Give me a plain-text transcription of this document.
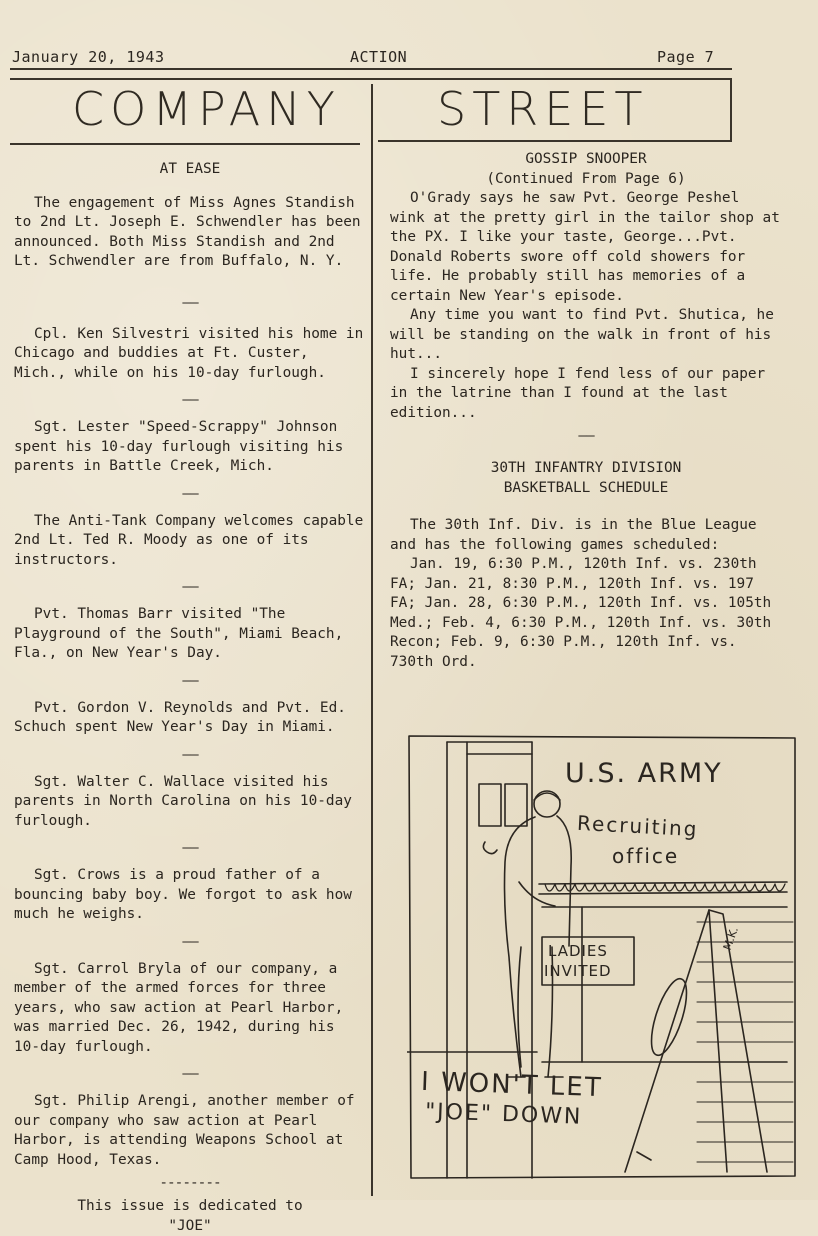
January 20, 1943	ACTION	Page 7
COMPANY STREET

AT EASE

The engagement of Miss Agnes Standish to 2nd Lt. Joseph E. Schwendler has been announced. Both Miss Standish and 2nd Lt. Schwendler are from Buffalo, N. Y.

——

Cpl. Ken Silvestri visited his home in Chicago and buddies at Ft. Custer, Mich., while on his 10-day furlough.

——

Sgt. Lester "Speed-Scrappy" Johnson spent his 10-day furlough visiting his parents in Battle Creek, Mich.

——

The Anti-Tank Company welcomes capable 2nd Lt. Ted R. Moody as one of its instructors.

——

Pvt. Thomas Barr visited "The Playground of the South", Miami Beach, Fla., on New Year's Day.

——

Pvt. Gordon V. Reynolds and Pvt. Ed. Schuch spent New Year's Day in Miami.

——

Sgt. Walter C. Wallace visited his parents in North Carolina on his 10-day furlough.

——

Sgt. Crows is a proud father of a bouncing baby boy. We forgot to ask how much he weighs.

——

Sgt. Carrol Bryla of our company, a member of the armed forces for three years, who saw action at Pearl Harbor, was married Dec. 26, 1942, during his 10-day furlough.

——

Sgt. Philip Arengi, another member of our company who saw action at Pearl Harbor, is attending Weapons School at Camp Hood, Texas.

--------

This issue is dedicated to

"JOE"

GOSSIP SNOOPER

(Continued From Page 6)

O'Grady says he saw Pvt. George Peshel wink at the pretty girl in the tailor shop at the PX. I like your taste, George...Pvt. Donald Roberts swore off cold showers for life. He probably still has memories of a certain New Year's episode.

Any time you want to find Pvt. Shutica, he will be standing on the walk in front of his hut...

I sincerely hope I fend less of our paper in the latrine than I found at the last edition...

——

30TH INFANTRY DIVISION

BASKETBALL SCHEDULE

The 30th Inf. Div. is in the Blue League and has the following games scheduled:

Jan. 19, 6:30 P.M., 120th Inf. vs. 230th FA; Jan. 21, 8:30 P.M., 120th Inf. vs. 197 FA; Jan. 28, 6:30 P.M., 120th Inf. vs. 105th Med.; Feb. 4, 6:30 P.M., 120th Inf. vs. 30th Recon; Feb. 9, 6:30 P.M., 120th Inf. vs. 730th Ord.

U.S. ARMY
Recruiting
office
LADIES
INVITED
M.K.
I WON'T LET
"JOE" DOWN
